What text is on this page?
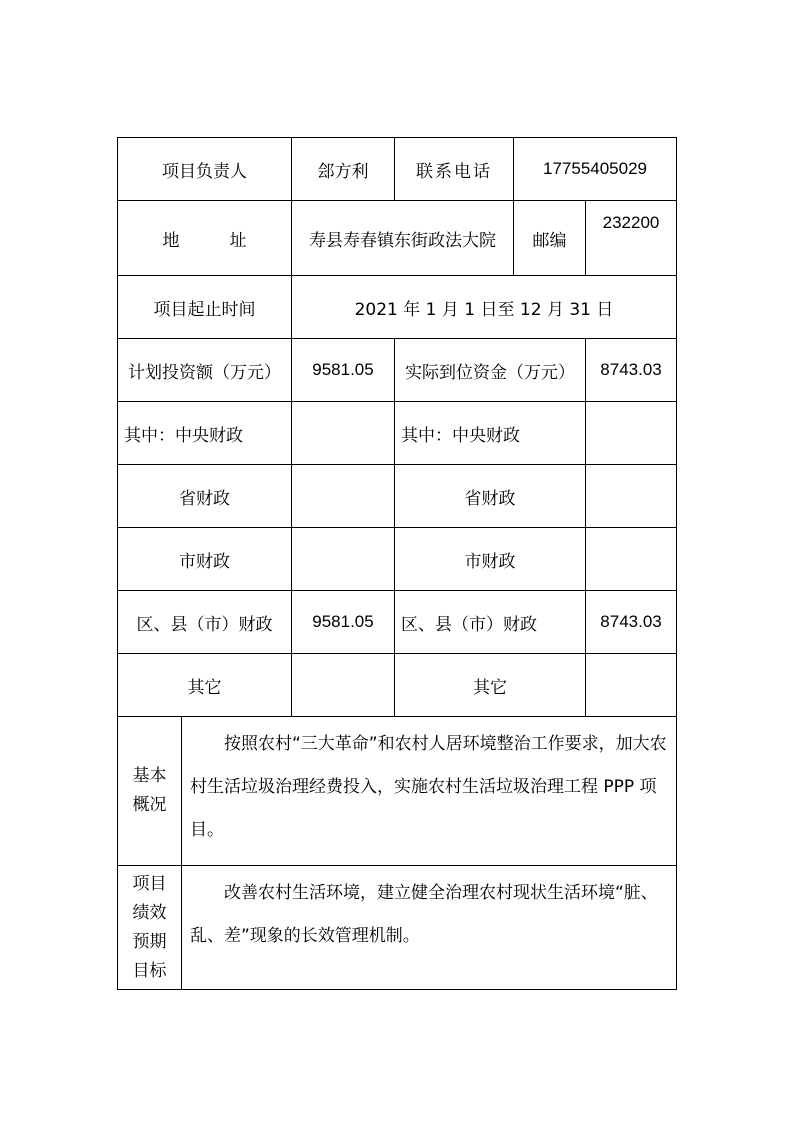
项目负责人		郐方利	联系电话	17755405029	
地 址		寿县寿春镇东街政法大院		邮编	232200
项目起止时间		2021 年 1 月 1 日至 12 月 31 日			
计划投资额（万元）		9581.05	实际到位资金（万元）		8743.03
其中：中央财政			其中：中央财政		
省财政			省财政		
市财政			市财政		
区、县（市）财政		9581.05	区、县（市）财政		8743.03
其它			其它		

基本概况	按照农村“三大革命”和农村人居环境整治工作要求，加大农村生活垃圾治理经费投入，实施农村生活垃圾治理工程 PPP 项目。				

项目绩效预期目标	改善农村生活环境，建立健全治理农村现状生活环境“脏、乱、差”现象的长效管理机制。				
